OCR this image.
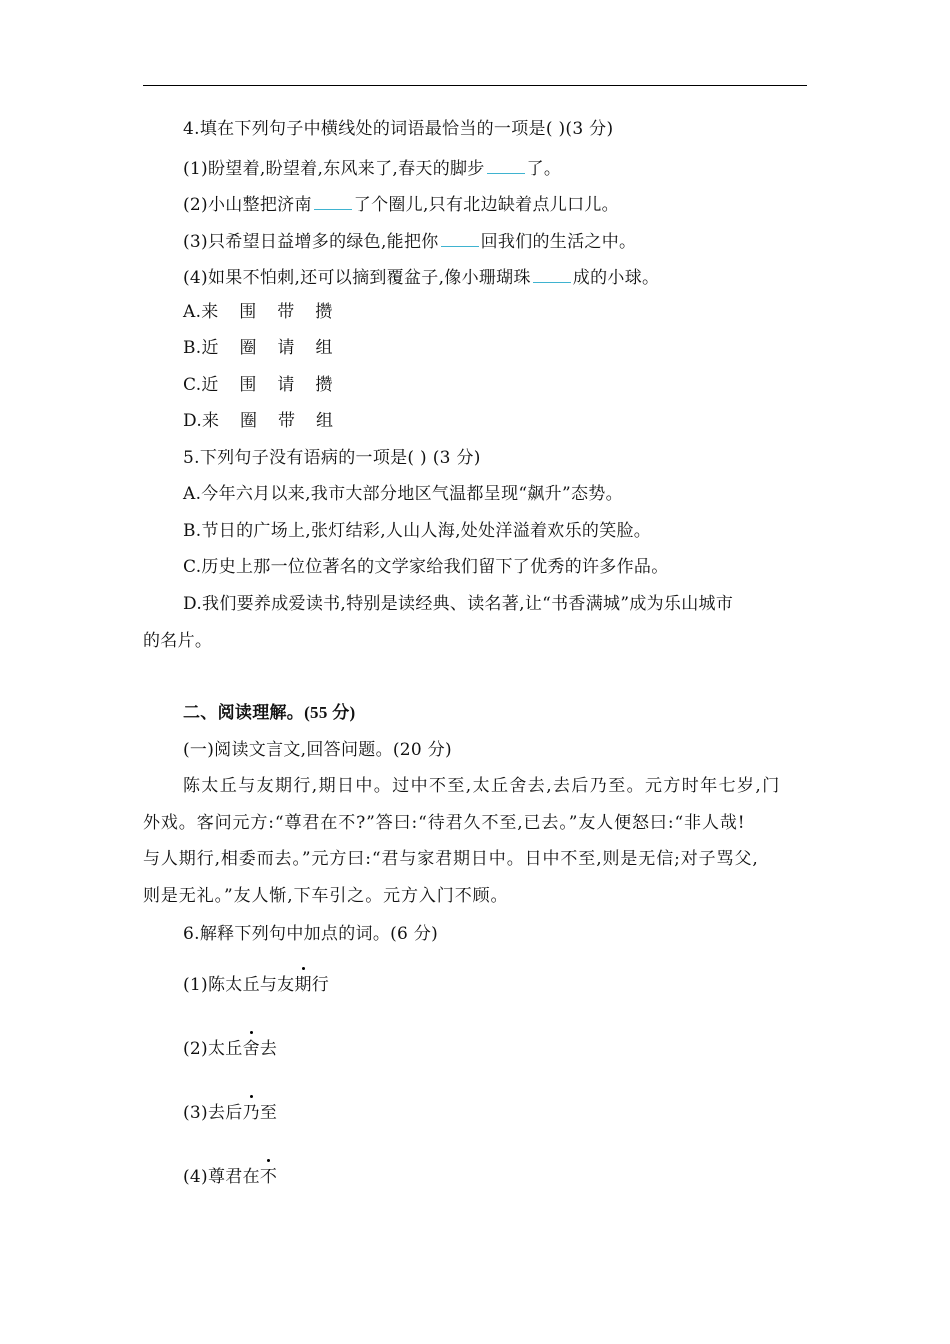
4.填在下列句子中横线处的词语最恰当的一项是( )(3 分)
(1)盼望着,盼望着,东风来了,春天的脚步 了。
(2)小山整把济南 了个圈儿,只有北边缺着点儿口儿。
(3)只希望日益增多的绿色,能把你 回我们的生活之中。
(4)如果不怕刺,还可以摘到覆盆子,像小珊瑚珠 成的小球。
A.来 围 带 攒
B.近 圈 请 组
C.近 围 请 攒
D.来 圈 带 组
5.下列句子没有语病的一项是( ) (3 分)
A.今年六月以来,我市大部分地区气温都呈现“飙升”态势。
B.节日的广场上,张灯结彩,人山人海,处处洋溢着欢乐的笑脸。
C.历史上那一位位著名的文学家给我们留下了优秀的许多作品。
D.我们要养成爱读书,特别是读经典、读名著,让“书香满城”成为乐山城市
的名片。
二、阅读理解。(55 分)
(一)阅读文言文,回答问题。(20 分)
陈太丘与友期行,期日中。过中不至,太丘舍去,去后乃至。元方时年七岁,门
外戏。客问元方:“尊君在不?”答曰:“待君久不至,已去。”友人便怒曰:“非人哉!
与人期行,相委而去。”元方曰:“君与家君期日中。日中不至,则是无信;对子骂父,
则是无礼。”友人惭,下车引之。元方入门不顾。
6.解释下列句中加点的词。(6 分)
(1)陈太丘与友期行
(2)太丘舍去
(3)去后乃至
(4)尊君在不
